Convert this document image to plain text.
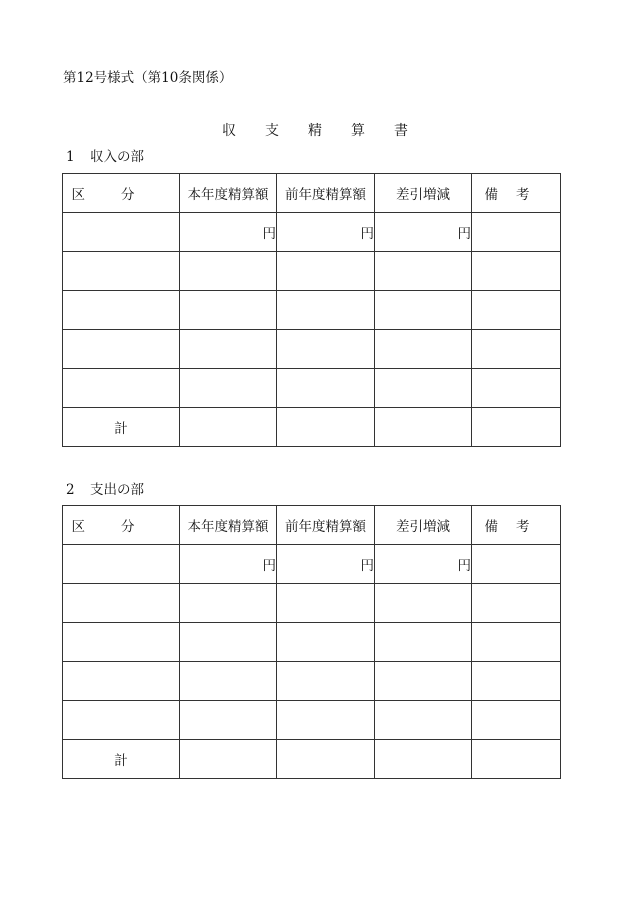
第12号様式（第10条関係）
収支精算書
1 収入の部
区分	本年度精算額	前年度精算額	差引増減	備考
	円	円	円	

計				
2 支出の部
区分	本年度精算額	前年度精算額	差引増減	備考
	円	円	円	

計				
